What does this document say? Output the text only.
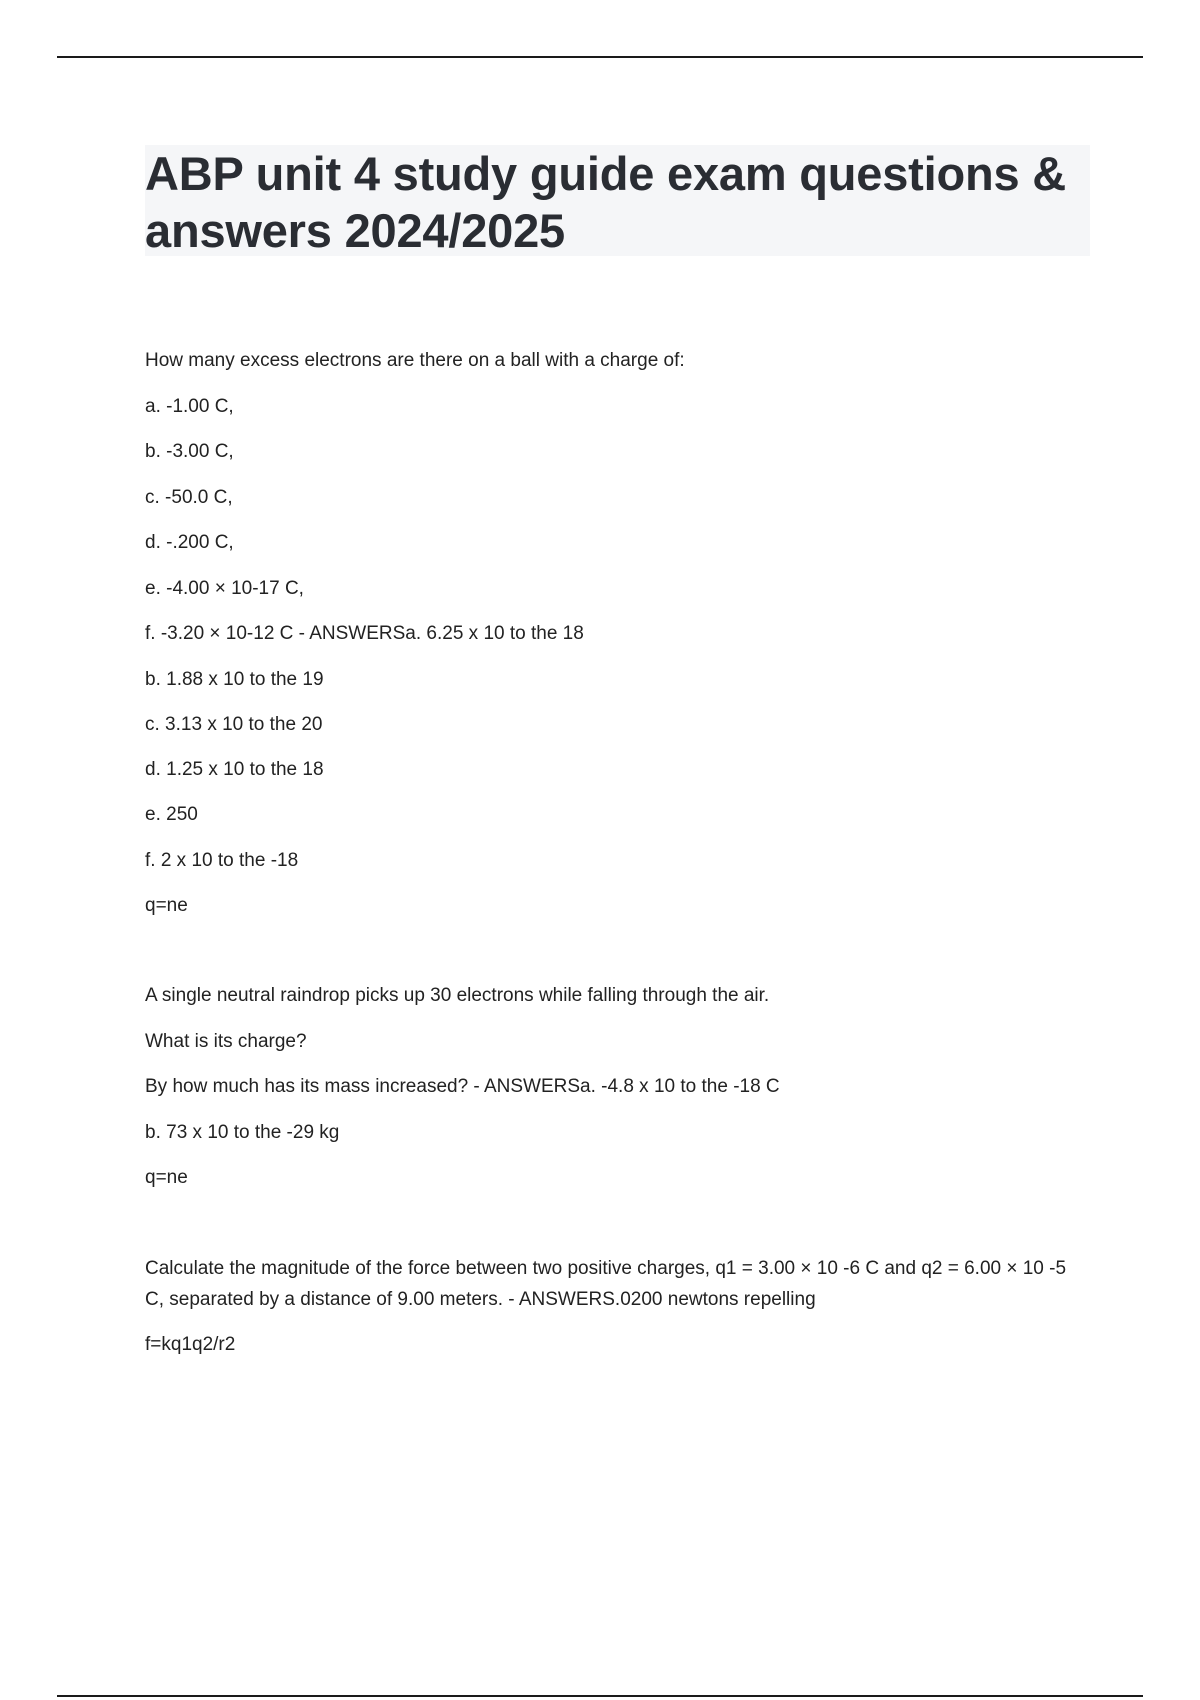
ABP unit 4 study guide exam questions & answers 2024/2025
How many excess electrons are there on a ball with a charge of:
a. -1.00 C,
b. -3.00 C,
c. -50.0 C,
d. -.200 C,
e. -4.00 × 10-17 C,
f. -3.20 × 10-12 C - ANSWERSa. 6.25 x 10 to the 18
b. 1.88 x 10 to the 19
c. 3.13 x 10 to the 20
d. 1.25 x 10 to the 18
e. 250
f. 2 x 10 to the -18
q=ne
A single neutral raindrop picks up 30 electrons while falling through the air.
What is its charge?
By how much has its mass increased? - ANSWERSa. -4.8 x 10 to the -18 C
b. 73 x 10 to the -29 kg
q=ne
Calculate the magnitude of the force between two positive charges, q1 = 3.00 × 10 -6 C and q2 = 6.00 × 10 -5 C, separated by a distance of 9.00 meters. - ANSWERS.0200 newtons repelling
f=kq1q2/r2
